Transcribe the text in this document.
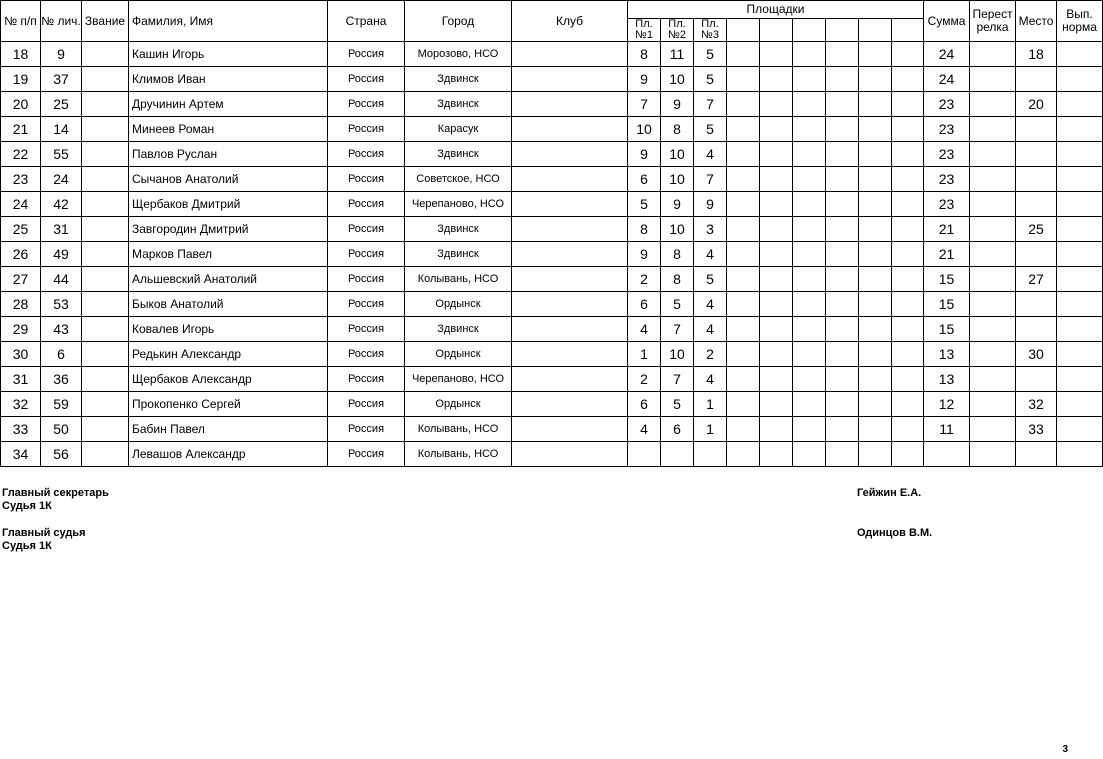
№ п/п	№ лич.	Звание	Фамилия, Имя	Страна	Город	Клуб	Площадки									Сумма	Перестрелка	Место	Вып. норма
							Пл. №1	Пл. №2	Пл. №3										
18	9		Кашин Игорь	Россия	Морозово, НСО		8	11	5							24		18	
19	37		Климов Иван	Россия	Здвинск		9	10	5							24			
20	25		Дручинин Артем	Россия	Здвинск		7	9	7							23		20	
21	14		Минеев Роман	Россия	Карасук		10	8	5							23			
22	55		Павлов Руслан	Россия	Здвинск		9	10	4							23			
23	24		Сычанов Анатолий	Россия	Советское, НСО		6	10	7							23			
24	42		Щербаков Дмитрий	Россия	Черепаново, НСО		5	9	9							23			
25	31		Завгородин Дмитрий	Россия	Здвинск		8	10	3							21		25	
26	49		Марков Павел	Россия	Здвинск		9	8	4							21			
27	44		Альшевский Анатолий	Россия	Колывань, НСО		2	8	5							15		27	
28	53		Быков Анатолий	Россия	Ордынск		6	5	4							15			
29	43		Ковалев Игорь	Россия	Здвинск		4	7	4							15			
30	6		Редькин Александр	Россия	Ордынск		1	10	2							13		30	
31	36		Щербаков Александр	Россия	Черепаново, НСО		2	7	4							13			
32	59		Прокопенко Сергей	Россия	Ордынск		6	5	1							12		32	
33	50		Бабин Павел	Россия	Колывань, НСО		4	6	1							11		33	
34	56		Левашов Александр	Россия	Колывань, НСО														
Главный секретарь
Судья 1К
Гейжин Е.А.
Главный судья
Судья 1К
Одинцов В.М.
3
